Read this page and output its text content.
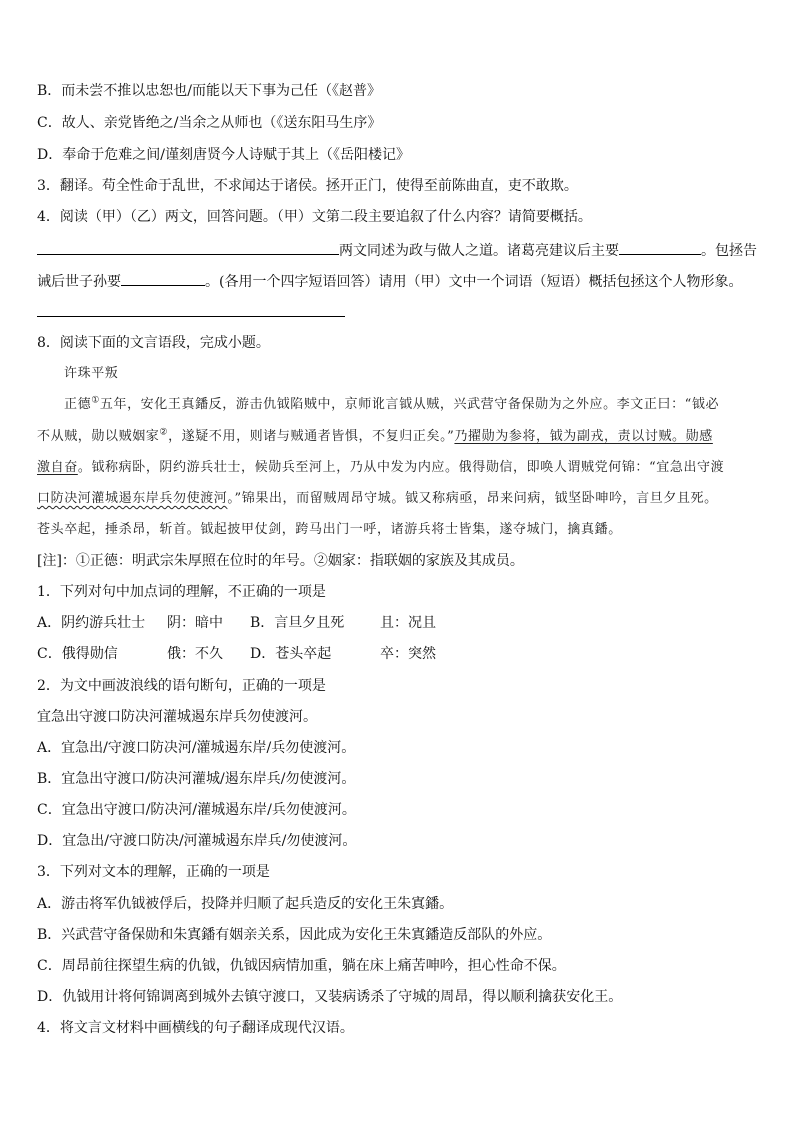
B．而未尝不推以忠恕也/而能以天下事为己任（《赵普》
C．故人、亲党皆绝之/当余之从师也（《送东阳马生序》
D．奉命于危难之间/谨刻唐贤今人诗赋于其上（《岳阳楼记》
3．翻译。苟全性命于乱世，不求闻达于诸侯。拯开正门，使得至前陈曲直，吏不敢欺。
4．阅读（甲）（乙）两文，回答问题。（甲）文第二段主要追叙了什么内容？请简要概括。
两文同述为政与做人之道。诸葛亮建议后主要	。包拯告
诫后世子孙要	。(各用一个四字短语回答）请用（甲）文中一个词语（短语）概括包拯这个人物形象。
8．阅读下面的文言语段，完成小题。
许珠平叛
正德①五年，安化王真鐇反，游击仇钺陷贼中，京师讹言钺从贼，兴武营守备保勋为之外应。李文正曰：“钺必
不从贼，勋以贼姻家②，遂疑不用，则诸与贼通者皆惧，不复归正矣。”乃擢勋为参将，钺为副戎，责以讨贼。勋感
激自奋。钺称病卧，阴约游兵壮士，候勋兵至河上，乃从中发为内应。俄得勋信，即唤人谓贼党何锦：“宜急出守渡
口防决河灌城遏东岸兵勿使渡河。”锦果出，而留贼周昂守城。钺又称病亟，昂来问病，钺坚卧呻吟，言旦夕且死。
苍头卒起，捶杀昂，斩首。钺起披甲仗剑，跨马出门一呼，诸游兵将士皆集，遂夺城门，擒真鐇。
[注]：①正德：明武宗朱厚照在位时的年号。②姻家：指联姻的家族及其成员。
1．下列对句中加点词的理解，不正确的一项是
A．阴约游兵壮士 阴：暗中 B．言旦夕且死	且：况且
C．俄得勋信	俄：不久 D．苍头卒起	卒：突然
2．为文中画波浪线的语句断句，正确的一项是
宜急出守渡口防决河灌城遏东岸兵勿使渡河。
A．宜急出/守渡口防决河/灌城遏东岸/兵勿使渡河。
B．宜急出守渡口/防决河灌城/遏东岸兵/勿使渡河。
C．宜急出守渡口/防决河/灌城遏东岸/兵勿使渡河。
D．宜急出/守渡口防决/河灌城遏东岸兵/勿使渡河。
3．下列对文本的理解，正确的一项是
A．游击将军仇钺被俘后，投降并归顺了起兵造反的安化王朱寘鐇。
B．兴武营守备保勋和朱寘鐇有姻亲关系，因此成为安化王朱寘鐇造反部队的外应。
C．周昂前往探望生病的仇钺，仇钺因病情加重，躺在床上痛苦呻吟，担心性命不保。
D．仇钺用计将何锦调离到城外去镇守渡口，又装病诱杀了守城的周昂，得以顺利擒获安化王。
4．将文言文材料中画横线的句子翻译成现代汉语。
